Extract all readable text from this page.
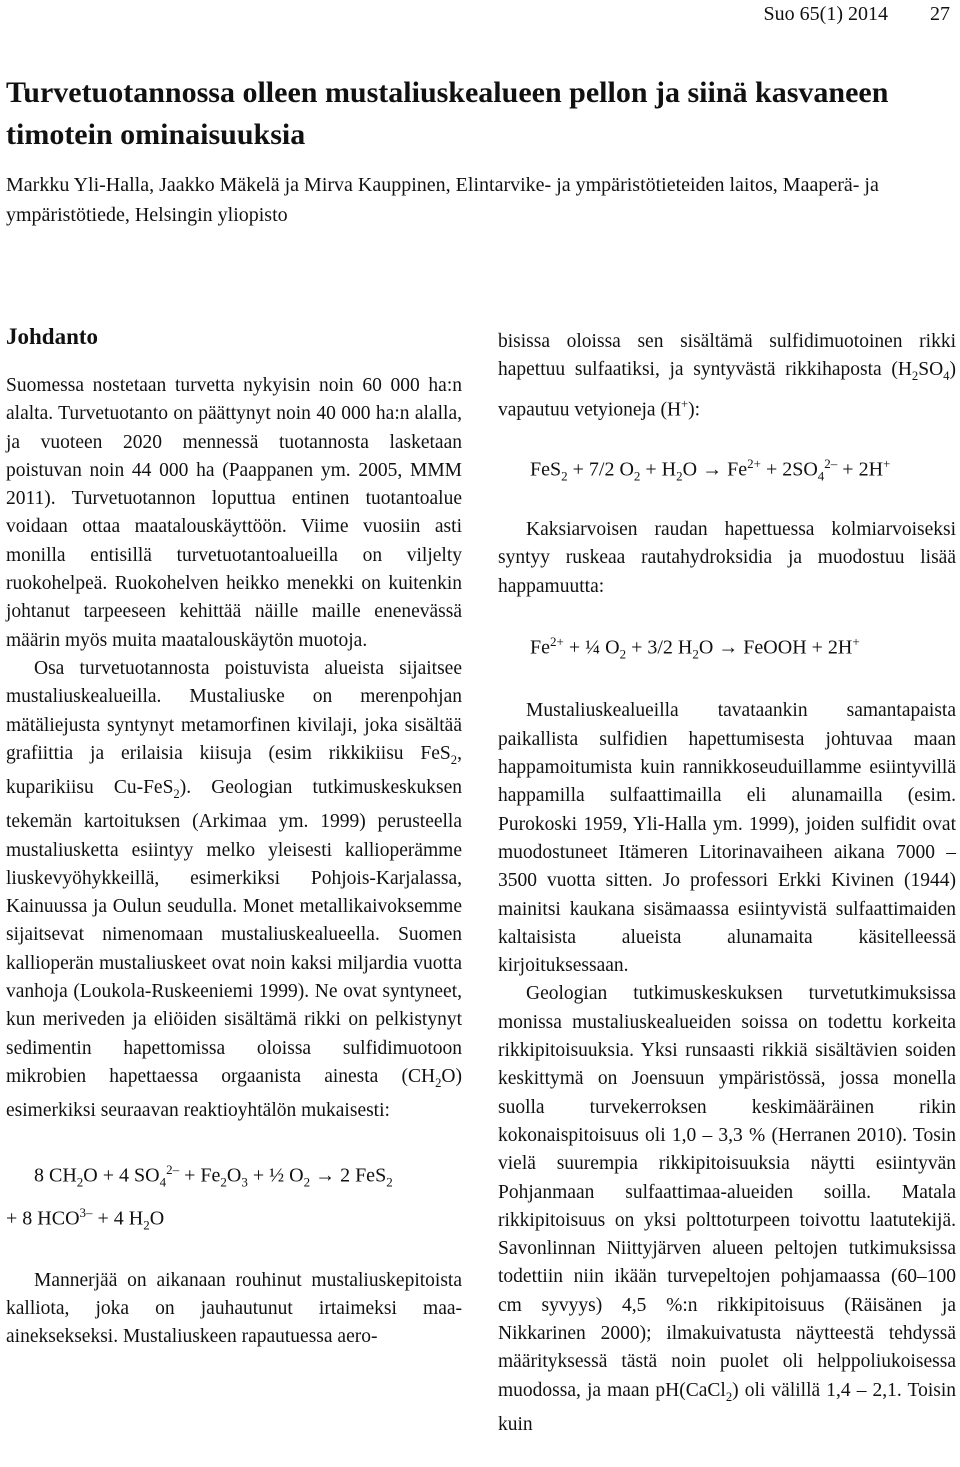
Suo 65(1) 2014 27
Turvetuotannossa olleen mustaliuskealueen pellon ja siinä kasvaneen timotein ominaisuuksia

Markku Yli-Halla, Jaakko Mäkelä ja Mirva Kauppinen, Elintarvike- ja ympäristötieteiden laitos, Maaperä- ja ympäristötiede, Helsingin yliopisto

Johdanto

Suomessa nostetaan turvetta nykyisin noin 60 000 ha:n alalta. Turvetuotanto on päättynyt noin 40 000 ha:n alalla, ja vuoteen 2020 mennessä tuotannosta lasketaan poistuvan noin 44 000 ha (Paappanen ym. 2005, MMM 2011). Turvetuotannon loputtua entinen tuotantoalue voidaan ottaa maatalouskäyttöön. Viime vuosiin asti monilla entisillä turvetuotantoalueilla on viljelty ruokohelpeä. Ruokohelven heikko menekki on kuitenkin johtanut tarpeeseen kehittää näille maille enenevässä määrin myös muita maatalouskäytön muotoja.

Osa turvetuotannosta poistuvista alueista sijaitsee mustaliuskealueilla. Mustaliuske on merenpohjan mätäliejusta syntynyt metamorfinen kivilaji, joka sisältää grafiittia ja erilaisia kiisuja (esim rikkikiisu FeS$_2$, kuparikiisu Cu-FeS$_2$). Geologian tutkimuskeskuksen tekemän kartoituksen (Arkimaa ym. 1999) perusteella mustaliusketta esiintyy melko yleisesti kallioperämme liuskevyöhykkeillä, esimerkiksi Pohjois-Karjalassa, Kainuussa ja Oulun seudulla. Monet metallikaivoksemme sijaitsevat nimenomaan mustaliuskealueella. Suomen kallioperän mustaliuskeet ovat noin kaksi miljardia vuotta vanhoja (Loukola-Ruskeeniemi 1999). Ne ovat syntyneet, kun meriveden ja eliöiden sisältämä rikki on pelkistynyt sedimentin hapettomissa oloissa sulfidimuotoon mikrobien hapettaessa orgaanista ainesta $(CH_2O)$ esimerkiksi seuraavan reaktioyhtälön mukaisesti:

8 $CH_2O + 4$ $SO_4^{2-} + Fe_2O_3$ + ½ $O_2 \to 2$ FeS$_2$
+ 8 $HCO^{3-} + 4$ $H_2O$

Mannerjää on aikanaan rouhinut mustaliuskepitoista kalliota, joka on jauhautunut irtaimeksi maa-aineksekseksi. Mustaliuskeen rapautuessa aero-

bisissa oloissa sen sisältämä sulfidimuotoinen rikki hapettuu sulfaatiksi, ja syntyvästä rikkihaposta $(H_2SO_4)$ vapautuu vetyioneja (H+):

FeS$_2$ + 7/2 $O_2 + H_2O \to Fe^{2+} + 2SO_4^{2-} + 2H^+$

Kaksiarvoisen raudan hapettuessa kolmiarvoiseksi syntyy ruskeaa rautahydroksidia ja muodostuu lisää happamuutta:

$Fe^{2+}$ + ¼ $O_2 + 3/2$ $H_2O$ → FeOOH + 2H+

Mustaliuskealueilla tavataankin samantapaista paikallista sulfidien hapettumisesta johtuvaa maan happamoitumista kuin rannikkoseuduillamme esiintyvillä happamilla sulfaattimailla eli alunamailla (esim. Purokoski 1959, Yli-Halla ym. 1999), joiden sulfidit ovat muodostuneet Itämeren Litorinavaiheen aikana 7000 – 3500 vuotta sitten. Jo professori Erkki Kivinen (1944) mainitsi kaukana sisämaassa esiintyvistä sulfaattimaiden kaltaisista alueista alunamaita käsitelleessä kirjoituksessaan.

Geologian tutkimuskeskuksen turvetutkimuksissa monissa mustaliuskealueiden soissa on todettu korkeita rikkipitoisuuksia. Yksi runsaasti rikkiä sisältävien soiden keskittymä on Joensuun ympäristössä, jossa monella suolla turvekerroksen keskimääräinen rikin kokonaispitoisuus oli 1,0 – 3,3 % (Herranen 2010). Tosin vielä suurempia rikkipitoisuuksia näytti esiintyvän Pohjanmaan sulfaattimaa-alueiden soilla. Matala rikkipitoisuus on yksi polttoturpeen toivottu laatutekijä. Savonlinnan Niittyjärven alueen peltojen tutkimuksissa todettiin niin ikään turvepeltojen pohjamaassa (60–100 cm syvyys) 4,5 %:n rikkipitoisuus (Räisänen ja Nikkarinen 2000); ilmakuivatusta näytteestä tehdyssä määrityksessä tästä noin puolet oli helppoliukoisessa muodossa, ja maan pH(CaCl$_2$) oli välillä 1,4 – 2,1. Toisin kuin
